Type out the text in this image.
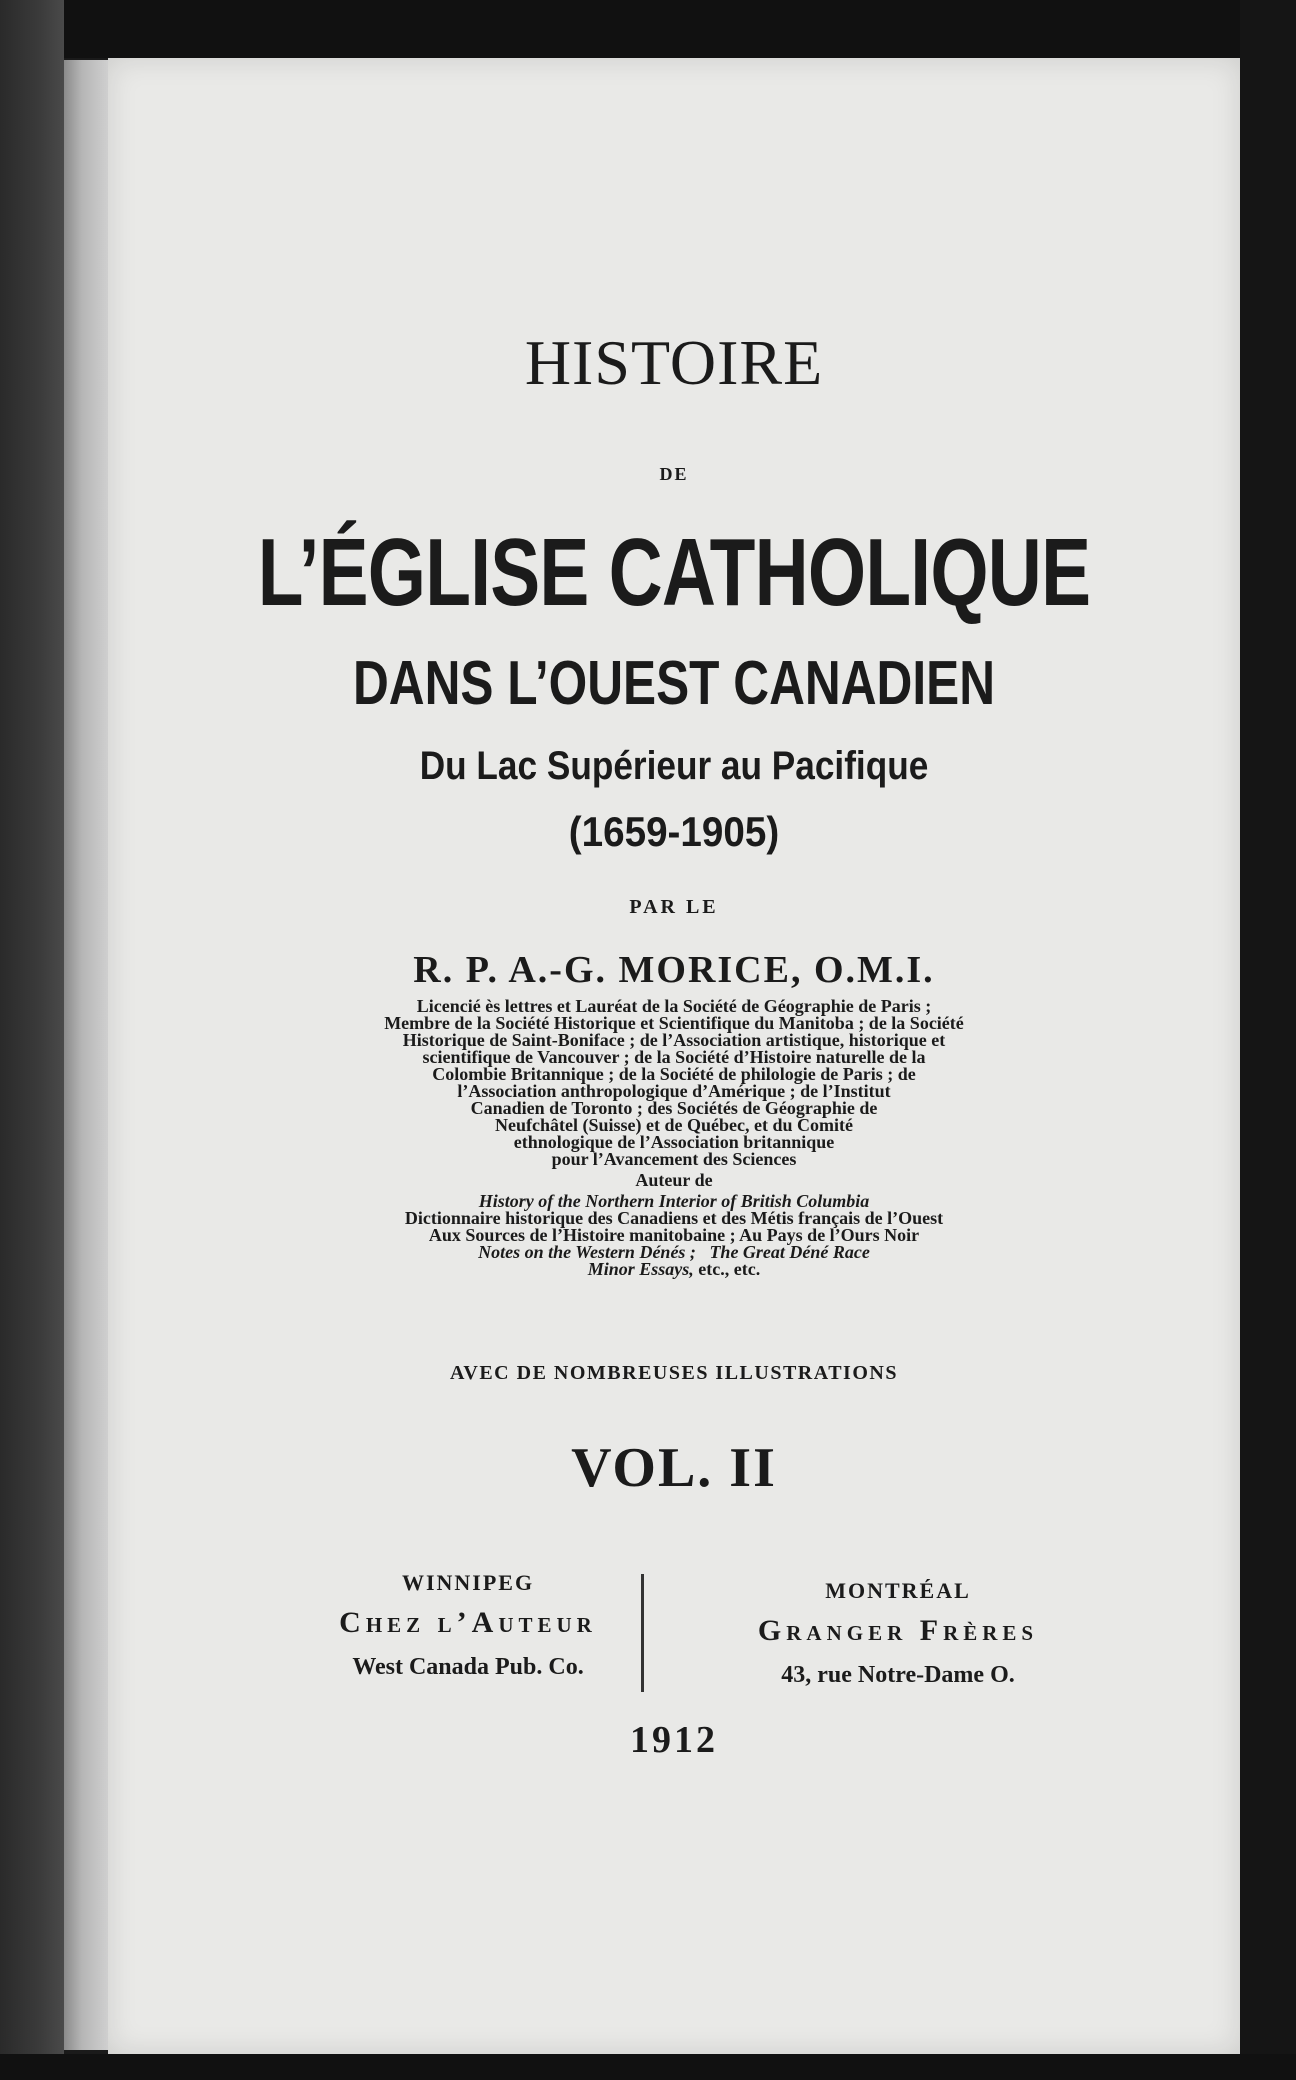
HISTOIRE
DE
L’ÉGLISE CATHOLIQUE
DANS L’OUEST CANADIEN
Du Lac Supérieur au Pacifique
(1659-1905)
PAR LE
R. P. A.-G. MORICE, O.M.I.
Licencié ès lettres et Lauréat de la Société de Géographie de Paris ;
Membre de la Société Historique et Scientifique du Manitoba ; de la Société
Historique de Saint-Boniface ; de l’Association artistique, historique et
scientifique de Vancouver ; de la Société d’Histoire naturelle de la
Colombie Britannique ; de la Société de philologie de Paris ; de
l’Association anthropologique d’Amérique ; de l’Institut
Canadien de Toronto ; des Sociétés de Géographie de
Neufchâtel (Suisse) et de Québec, et du Comité
ethnologique de l’Association britannique
pour l’Avancement des Sciences
Auteur de
History of the Northern Interior of British Columbia
Dictionnaire historique des Canadiens et des Métis français de l’Ouest
Aux Sources de l’Histoire manitobaine ; Au Pays de l’Ours Noir
Notes on the Western Dénés ; The Great Déné Race
Minor Essays, etc., etc.
AVEC DE NOMBREUSES ILLUSTRATIONS
VOL. II
WINNIPEG
Chez l’Auteur
West Canada Pub. Co.
MONTRÉAL
Granger Frères
43, rue Notre-Dame O.
1912
